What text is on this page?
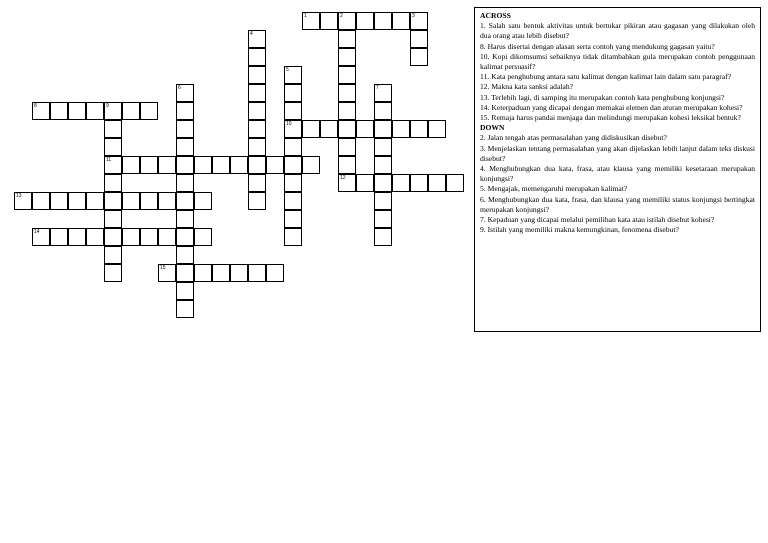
1	2	3
12
4
5
10
6	7
8	9
11
13
14
15
ACROSS
1. Salah satu bentuk aktivitas untuk bertukar pikiran atau gagasan yang dilakukan oleh dua orang atau lebih disebut?
8. Harus disertai dengan alasan serta contoh yang mendukung gagasan yaitu?
10. Kopi dikomsumsi sebaiknya tidak ditambahkan gula merupakan contoh penggunaan kalimat persuasif?
11. Kata penghubung antara satu kalimat dengan kalimat lain dalam satu paragraf?
12. Makna kata sanksi adalah?
13. Terlebih lagi, di samping itu merupakan contoh kata penghubung konjungsi?
14. Keterpaduan yang dicapai dengan memakai elemen dan aturan merupakan kohesi?
15. Remaja harus pandai menjaga dan melindungi merupakan kohesi leksikal bentuk?
DOWN
2. Jalan tengah atas permasalahan yang didiskusikan disebut?
3. Menjelaskan tentang permasalahan yang akan dijelaskan lebih lanjut dalam teks diskusi disebut?
4. Menghubungkan dua kata, frasa, atau klausa yang memiliki kesetaraan merupakan konjungsi?
5. Mengajak, memengaruhi merupakan kalimat?
6. Menghubungkan dua kata, frasa, dan klausa yang memiliki status konjungsi bertingkat merupakan konjungsi?
7. Kepaduan yang dicapai melalui pemilihan kata atau istilah disebut kohesi?
9. Istilah yang memiliki makna kemungkinan, fenomena disebut?
